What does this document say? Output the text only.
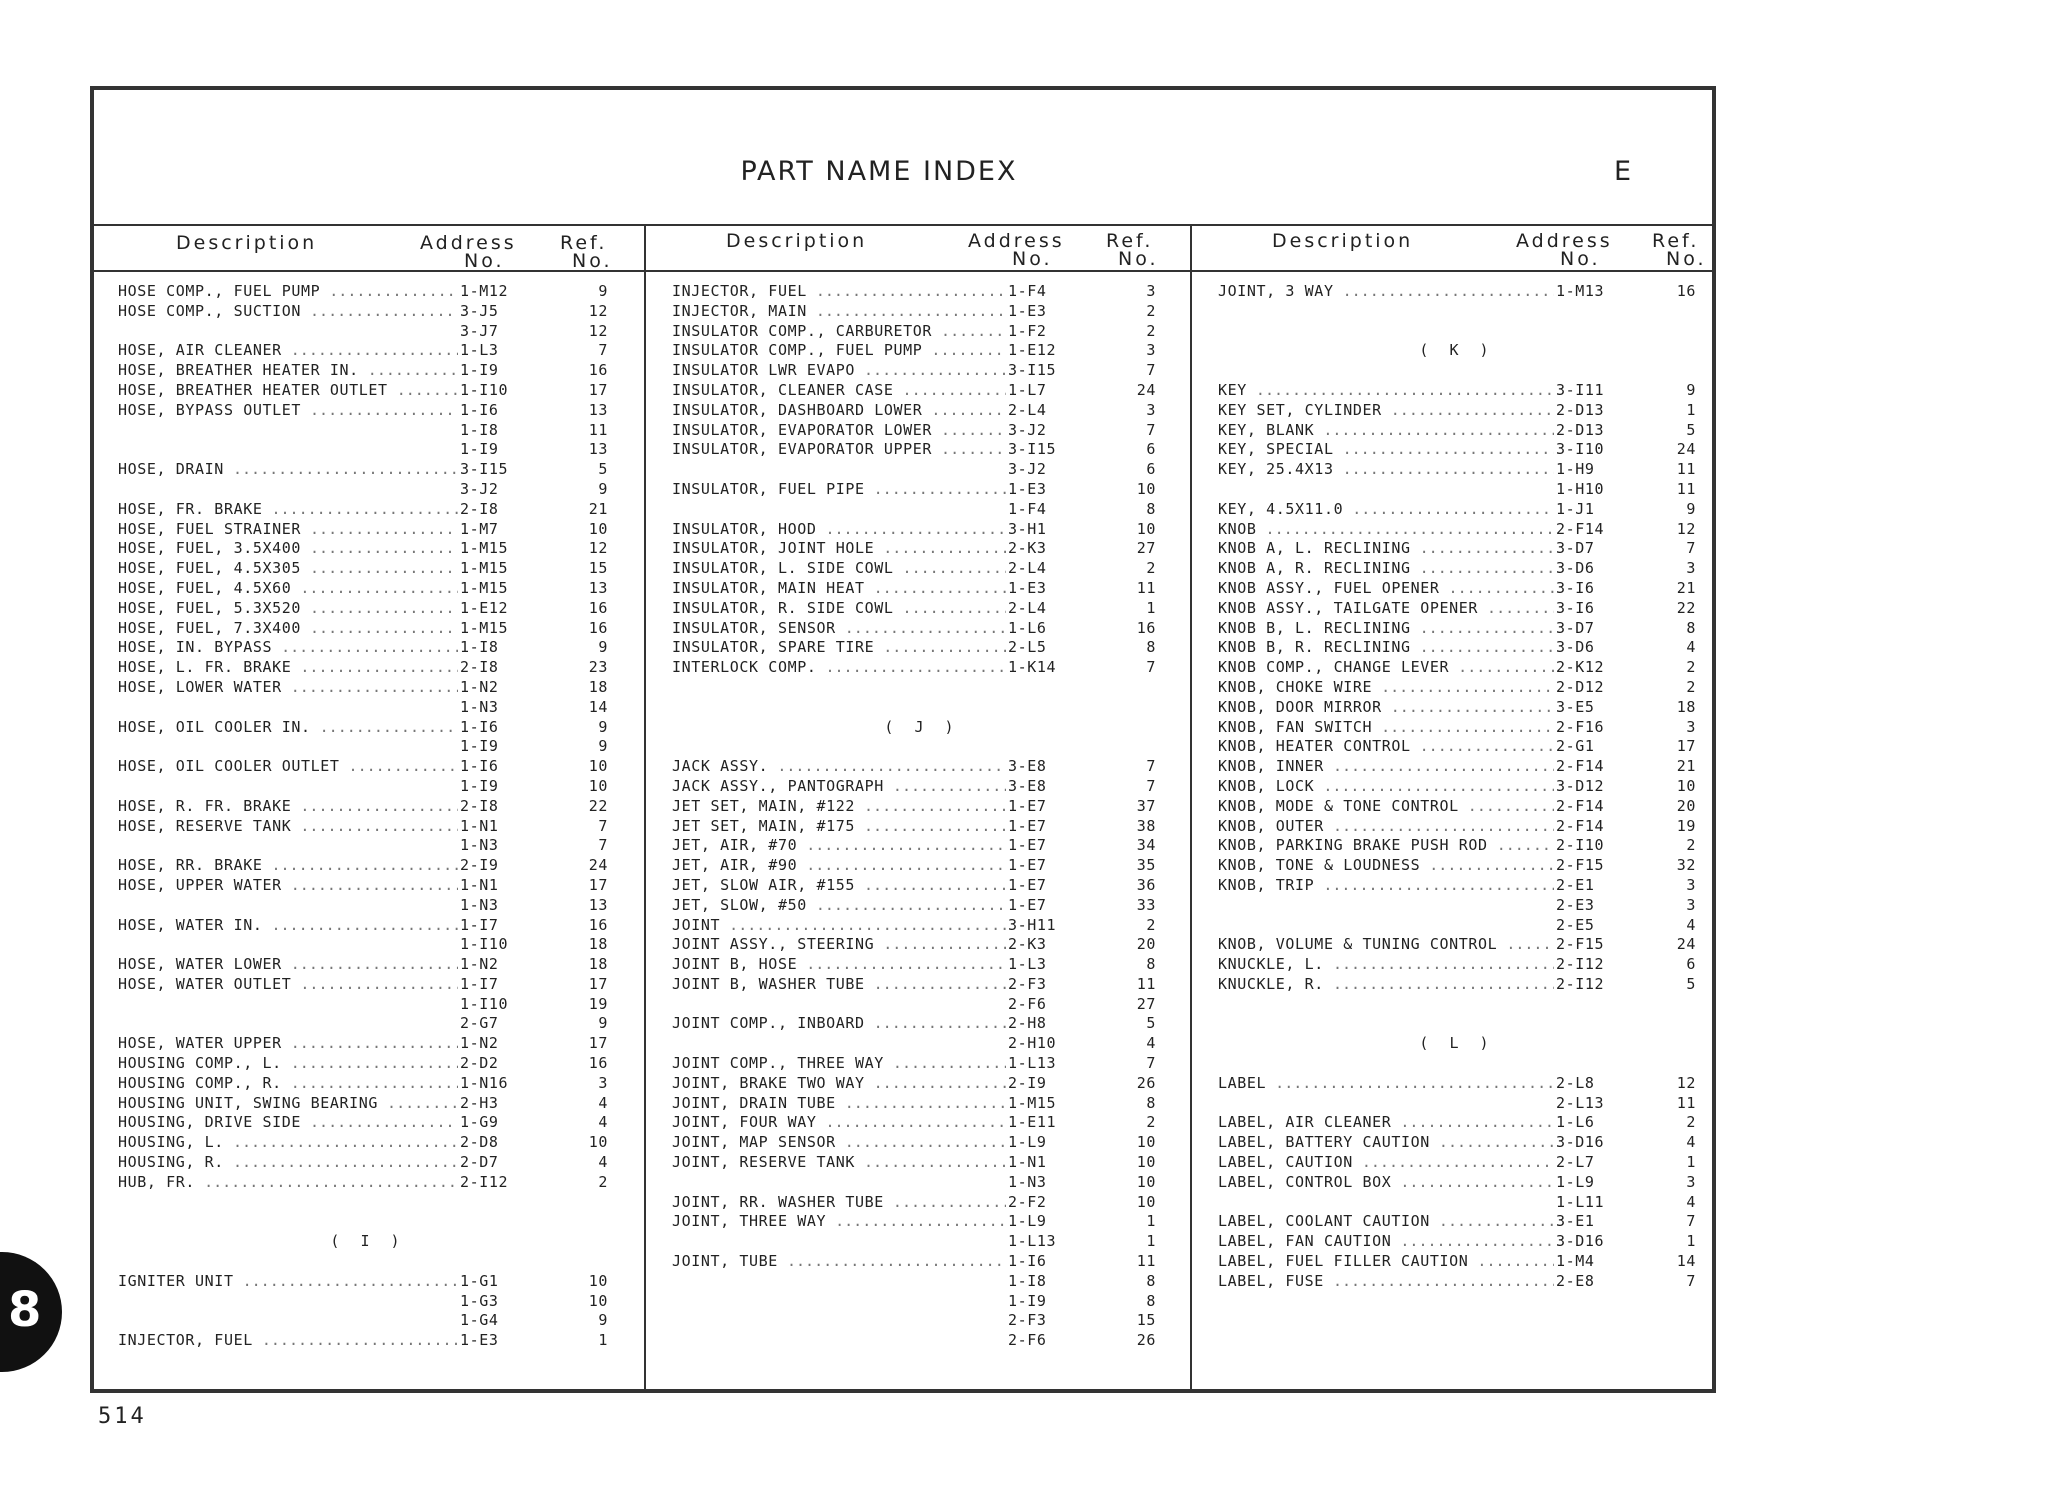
PART NAME INDEX	E
Description	Address
No.
Ref.
No.
Description	Address
No.
Ref.
No.
Description	Address
No.
Ref.
No.
HOSE COMP., FUEL PUMP .....	1-M12	9
HOSE COMP., SUCTION .....	3-J5	12
3-J7	12
HOSE, AIR CLEANER .....	1-L3	7
HOSE, BREATHER HEATER IN. .....	1-I9	16
HOSE, BREATHER HEATER OUTLET .....	1-I10	17
HOSE, BYPASS OUTLET .....	1-I6	13
1-I8	11
1-I9	13
HOSE, DRAIN .....	3-I15	5
3-J2	9
HOSE, FR. BRAKE .....	2-I8	21
HOSE, FUEL STRAINER .....	1-M7	10
HOSE, FUEL, 3.5X400 .....	1-M15	12
HOSE, FUEL, 4.5X305 .....	1-M15	15
HOSE, FUEL, 4.5X60 .....	1-M15	13
HOSE, FUEL, 5.3X520 .....	1-E12	16
HOSE, FUEL, 7.3X400 .....	1-M15	16
HOSE, IN. BYPASS .....	1-I8	9
HOSE, L. FR. BRAKE .....	2-I8	23
HOSE, LOWER WATER .....	1-N2	18
1-N3	14
HOSE, OIL COOLER IN. .....	1-I6	9
1-I9	9
HOSE, OIL COOLER OUTLET .....	1-I6	10
1-I9	10
HOSE, R. FR. BRAKE .....	2-I8	22
HOSE, RESERVE TANK .....	1-N1	7
1-N3	7
HOSE, RR. BRAKE .....	2-I9	24
HOSE, UPPER WATER .....	1-N1	17
1-N3	13
HOSE, WATER IN. .....	1-I7	16
1-I10	18
HOSE, WATER LOWER .....	1-N2	18
HOSE, WATER OUTLET .....	1-I7	17
1-I10	19
2-G7	9
HOSE, WATER UPPER .....	1-N2	17
HOUSING COMP., L. .....	2-D2	16
HOUSING COMP., R. .....	1-N16	3
HOUSING UNIT, SWING BEARING .....	2-H3	4
HOUSING, DRIVE SIDE .....	1-G9	4
HOUSING, L. .....	2-D8	10
HOUSING, R. .....	2-D7	4
HUB, FR. .....	2-I12	2
( I )
IGNITER UNIT .....	1-G1	10
1-G3	10
1-G4	9
INJECTOR, FUEL .....	1-E3	1
INJECTOR, FUEL .....	1-F4	3
INJECTOR, MAIN .....	1-E3	2
INSULATOR COMP., CARBURETOR .....	1-F2	2
INSULATOR COMP., FUEL PUMP .....	1-E12	3
INSULATOR LWR EVAPO .....	3-I15	7
INSULATOR, CLEANER CASE .....	1-L7	24
INSULATOR, DASHBOARD LOWER .....	2-L4	3
INSULATOR, EVAPORATOR LOWER .....	3-J2	7
INSULATOR, EVAPORATOR UPPER .....	3-I15	6
3-J2	6
INSULATOR, FUEL PIPE .....	1-E3	10
1-F4	8
INSULATOR, HOOD .....	3-H1	10
INSULATOR, JOINT HOLE .....	2-K3	27
INSULATOR, L. SIDE COWL .....	2-L4	2
INSULATOR, MAIN HEAT .....	1-E3	11
INSULATOR, R. SIDE COWL .....	2-L4	1
INSULATOR, SENSOR .....	1-L6	16
INSULATOR, SPARE TIRE .....	2-L5	8
INTERLOCK COMP. .....	1-K14	7
( J )
JACK ASSY. .....	3-E8	7
JACK ASSY., PANTOGRAPH .....	3-E8	7
JET SET, MAIN, #122 .....	1-E7	37
JET SET, MAIN, #175 .....	1-E7	38
JET, AIR, #70 .....	1-E7	34
JET, AIR, #90 .....	1-E7	35
JET, SLOW AIR, #155 .....	1-E7	36
JET, SLOW, #50 .....	1-E7	33
JOINT .....	3-H11	2
JOINT ASSY., STEERING .....	2-K3	20
JOINT B, HOSE .....	1-L3	8
JOINT B, WASHER TUBE .....	2-F3	11
2-F6	27
JOINT COMP., INBOARD .....	2-H8	5
2-H10	4
JOINT COMP., THREE WAY .....	1-L13	7
JOINT, BRAKE TWO WAY .....	2-I9	26
JOINT, DRAIN TUBE .....	1-M15	8
JOINT, FOUR WAY .....	1-E11	2
JOINT, MAP SENSOR .....	1-L9	10
JOINT, RESERVE TANK .....	1-N1	10
1-N3	10
JOINT, RR. WASHER TUBE .....	2-F2	10
JOINT, THREE WAY .....	1-L9	1
1-L13	1
JOINT, TUBE .....	1-I6	11
1-I8	8
1-I9	8
2-F3	15
2-F6	26
JOINT, 3 WAY .....	1-M13	16
( K )
KEY .....	3-I11	9
KEY SET, CYLINDER .....	2-D13	1
KEY, BLANK .....	2-D13	5
KEY, SPECIAL .....	3-I10	24
KEY, 25.4X13 .....	1-H9	11
1-H10	11
KEY, 4.5X11.0 .....	1-J1	9
KNOB .....	2-F14	12
KNOB A, L. RECLINING .....	3-D7	7
KNOB A, R. RECLINING .....	3-D6	3
KNOB ASSY., FUEL OPENER .....	3-I6	21
KNOB ASSY., TAILGATE OPENER .....	3-I6	22
KNOB B, L. RECLINING .....	3-D7	8
KNOB B, R. RECLINING .....	3-D6	4
KNOB COMP., CHANGE LEVER .....	2-K12	2
KNOB, CHOKE WIRE .....	2-D12	2
KNOB, DOOR MIRROR .....	3-E5	18
KNOB, FAN SWITCH .....	2-F16	3
KNOB, HEATER CONTROL .....	2-G1	17
KNOB, INNER .....	2-F14	21
KNOB, LOCK .....	3-D12	10
KNOB, MODE & TONE CONTROL .....	2-F14	20
KNOB, OUTER .....	2-F14	19
KNOB, PARKING BRAKE PUSH ROD .....	2-I10	2
KNOB, TONE & LOUDNESS .....	2-F15	32
KNOB, TRIP .....	2-E1	3
2-E3	3
2-E5	4
KNOB, VOLUME & TUNING CONTROL .....	2-F15	24
KNUCKLE, L. .....	2-I12	6
KNUCKLE, R. .....	2-I12	5
( L )
LABEL .....	2-L8	12
2-L13	11
LABEL, AIR CLEANER .....	1-L6	2
LABEL, BATTERY CAUTION .....	3-D16	4
LABEL, CAUTION .....	2-L7	1
LABEL, CONTROL BOX .....	1-L9	3
1-L11	4
LABEL, COOLANT CAUTION .....	3-E1	7
LABEL, FAN CAUTION .....	3-D16	1
LABEL, FUEL FILLER CAUTION .....	1-M4	14
LABEL, FUSE .....	2-E8	7
514
8
